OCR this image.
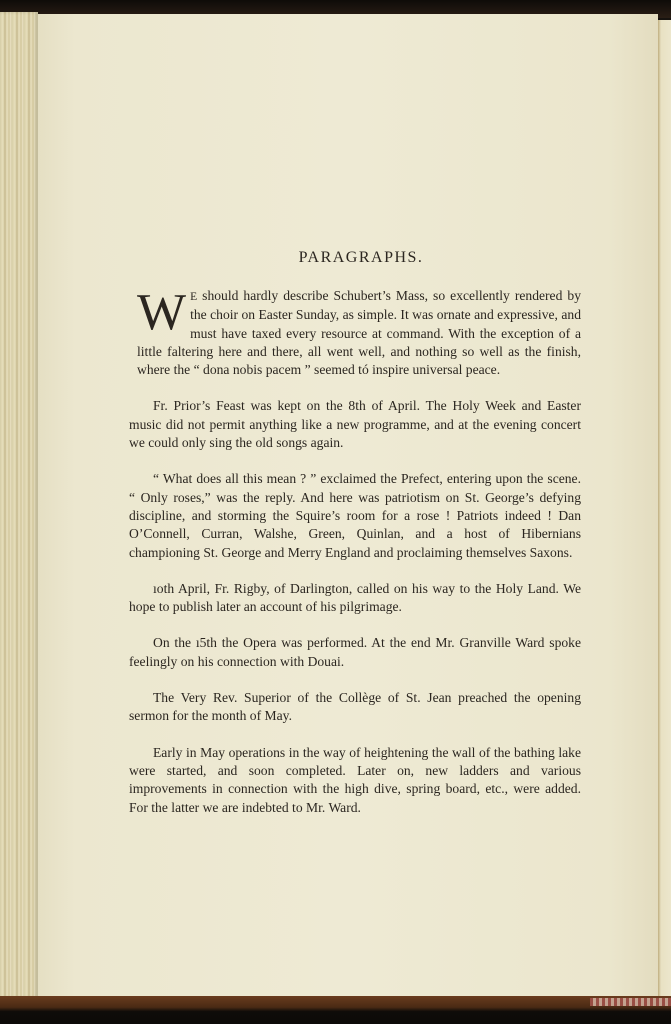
PARAGRAPHS.

W E should hardly describe Schubert’s Mass, so excellently rendered by the choir on Easter Sunday, as simple. It was ornate and expressive, and must have taxed every resource at command. With the exception of a little faltering here and there, all went well, and nothing so well as the finish, where the “ dona nobis pacem ” seemed tó inspire universal peace.

Fr. Prior’s Feast was kept on the 8th of April. The Holy Week and Easter music did not permit anything like a new programme, and at the evening concert we could only sing the old songs again.

“ What does all this mean ? ” exclaimed the Prefect, entering upon the scene. “ Only roses,” was the reply. And here was patriotism on St. George’s defying discipline, and storming the Squire’s room for a rose ! Patriots indeed ! Dan O’Connell, Curran, Walshe, Green, Quinlan, and a host of Hibernians championing St. George and Merry England and proclaiming themselves Saxons.

ıoth April, Fr. Rigby, of Darlington, called on his way to the Holy Land. We hope to publish later an account of his pilgrimage.

On the ı5th the Opera was performed. At the end Mr. Granville Ward spoke feelingly on his connection with Douai.

The Very Rev. Superior of the Collège of St. Jean preached the opening sermon for the month of May.

Early in May operations in the way of heightening the wall of the bathing lake were started, and soon completed. Later on, new ladders and various improvements in connection with the high dive, spring board, etc., were added. For the latter we are indebted to Mr. Ward.
